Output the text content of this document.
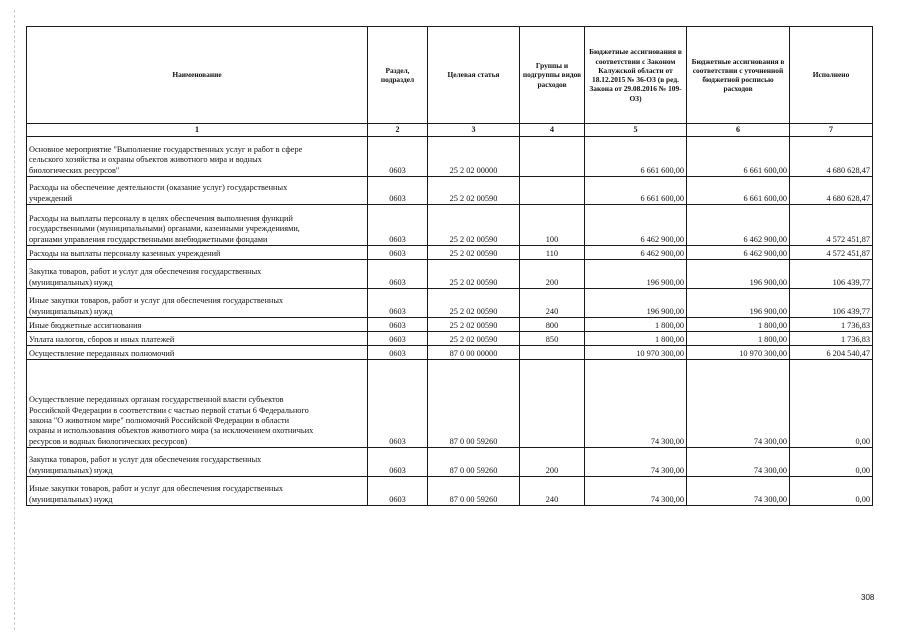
Наименование	Раздел, подраздел	Целевая статья	Группы и подгруппы видов расходов	Бюджетные ассигнования в соответствии с Законом Калужской области от 18.12.2015 № 36-ОЗ (в ред. Закона от 29.08.2016 № 109-ОЗ)	Бюджетные ассигнования в соответствии с уточненной бюджетной росписью расходов	Исполнено
1	2	3	4	5	6	7
Основное мероприятие "Выполнение государственных услуг и работ в сфере
сельского хозяйства и охраны объектов животного мира и водных
биологических ресурсов"	0603	25 2 02 00000		6 661 600,00	6 661 600,00	4 680 628,47
Расходы на обеспечение деятельности (оказание услуг) государственных
учреждений	0603	25 2 02 00590		6 661 600,00	6 661 600,00	4 680 628,47
Расходы на выплаты персоналу в целях обеспечения выполнения функций
государственными (муниципальными) органами, казенными учреждениями,
органами управления государственными внебюджетными фондами	0603	25 2 02 00590	100	6 462 900,00	6 462 900,00	4 572 451,87
Расходы на выплаты персоналу казенных учреждений	0603	25 2 02 00590	110	6 462 900,00	6 462 900,00	4 572 451,87
Закупка товаров, работ и услуг для обеспечения государственных
(муниципальных) нужд	0603	25 2 02 00590	200	196 900,00	196 900,00	106 439,77
Иные закупки товаров, работ и услуг для обеспечения государственных
(муниципальных) нужд	0603	25 2 02 00590	240	196 900,00	196 900,00	106 439,77
Иные бюджетные ассигнования	0603	25 2 02 00590	800	1 800,00	1 800,00	1 736,83
Уплата налогов, сборов и иных платежей	0603	25 2 02 00590	850	1 800,00	1 800,00	1 736,83
Осуществление переданных полномочий	0603	87 0 00 00000		10 970 300,00	10 970 300,00	6 204 540,47
Осуществление переданных органам государственной власти субъектов
Российской Федерации в соответствии с частью первой статьи 6 Федерального
закона "О животном мире" полномочий Российской Федерации в области
охраны и использования объектов животного мира (за исключением охотничьих
ресурсов и водных биологических ресурсов)	0603	87 0 00 59260		74 300,00	74 300,00	0,00
Закупка товаров, работ и услуг для обеспечения государственных
(муниципальных) нужд	0603	87 0 00 59260	200	74 300,00	74 300,00	0,00
Иные закупки товаров, работ и услуг для обеспечения государственных
(муниципальных) нужд	0603	87 0 00 59260	240	74 300,00	74 300,00	0,00
308
